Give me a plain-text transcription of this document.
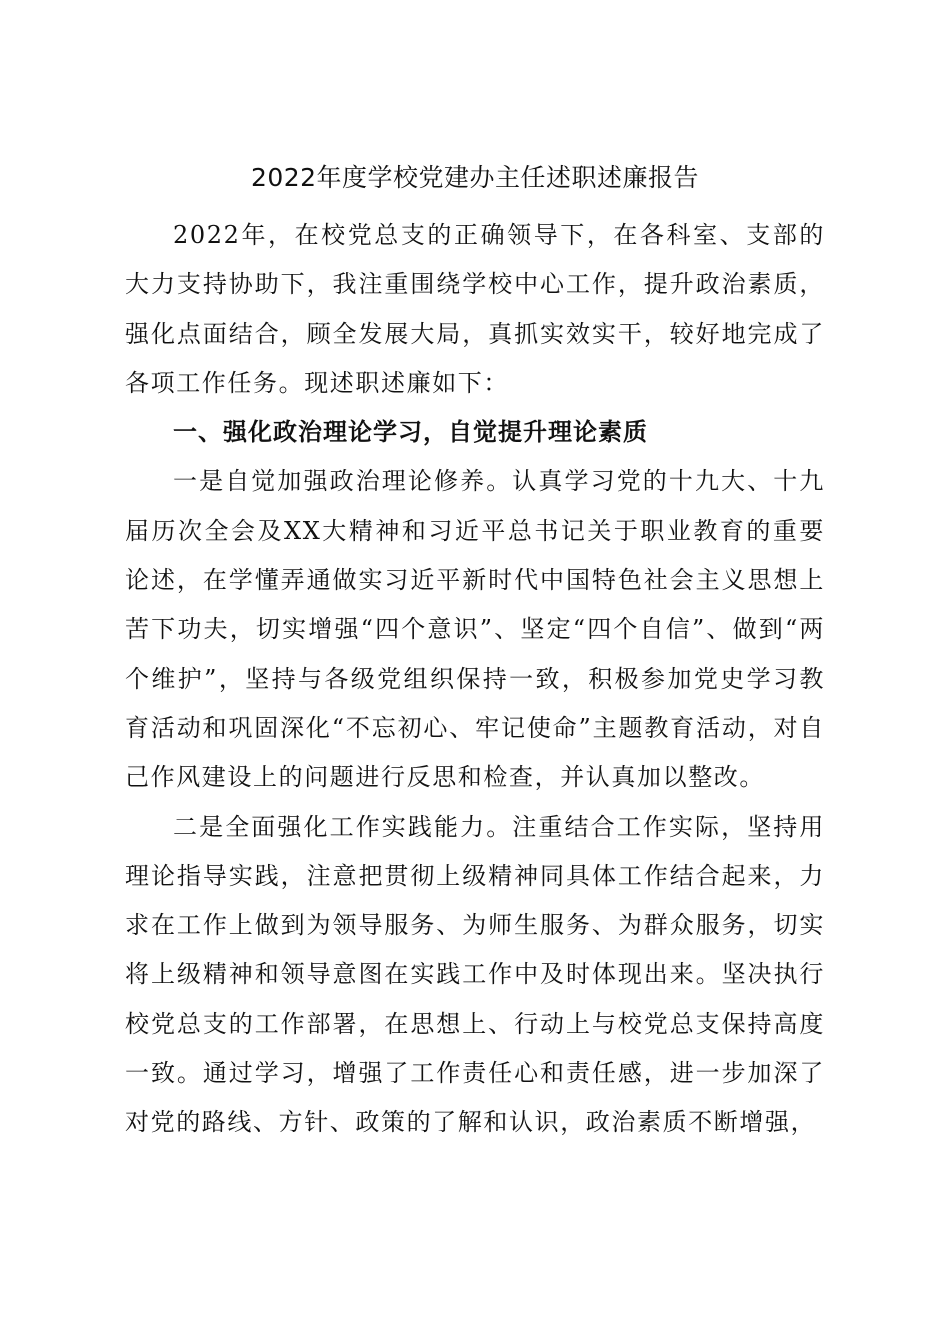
2022年度学校党建办主任述职述廉报告

2022年，在校党总支的正确领导下，在各科室、支部的大力支持协助下，我注重围绕学校中心工作，提升政治素质，强化点面结合，顾全发展大局，真抓实效实干，较好地完成了各项工作任务。现述职述廉如下：

一、强化政治理论学习，自觉提升理论素质

一是自觉加强政治理论修养。认真学习党的十九大、十九届历次全会及XX大精神和习近平总书记关于职业教育的重要论述，在学懂弄通做实习近平新时代中国特色社会主义思想上苦下功夫，切实增强“四个意识”、坚定“四个自信”、做到“两个维护”，坚持与各级党组织保持一致，积极参加党史学习教育活动和巩固深化“不忘初心、牢记使命”主题教育活动，对自己作风建设上的问题进行反思和检查，并认真加以整改。

二是全面强化工作实践能力。注重结合工作实际，坚持用理论指导实践，注意把贯彻上级精神同具体工作结合起来，力求在工作上做到为领导服务、为师生服务、为群众服务，切实将上级精神和领导意图在实践工作中及时体现出来。坚决执行校党总支的工作部署，在思想上、行动上与校党总支保持高度一致。通过学习，增强了工作责任心和责任感，进一步加深了对党的路线、方针、政策的了解和认识，政治素质不断增强，
